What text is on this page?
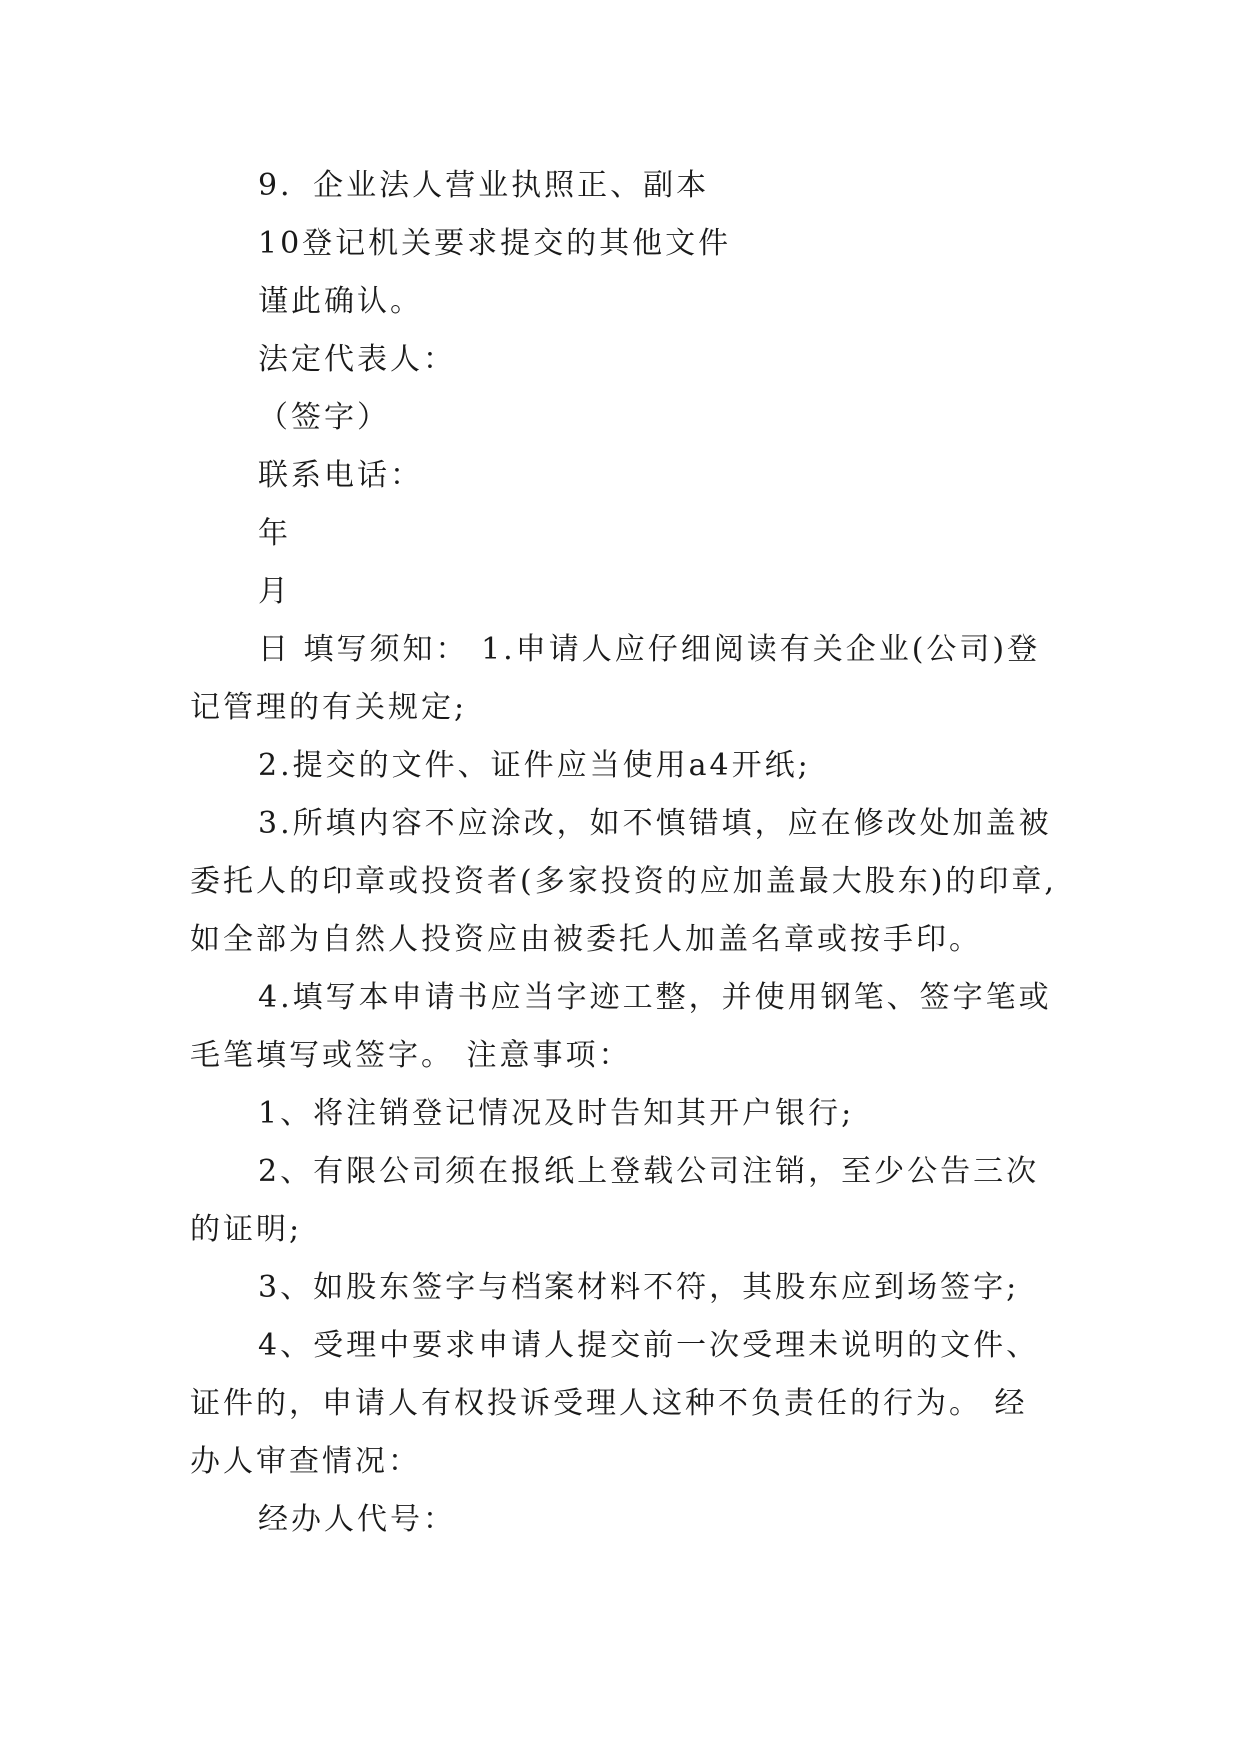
9．企业法人营业执照正、副本
10登记机关要求提交的其他文件
谨此确认。
法定代表人：
（签字）
联系电话：
年
月
日 填写须知： 1.申请人应仔细阅读有关企业(公司)登
记管理的有关规定;
2.提交的文件、证件应当使用a4开纸;
3.所填内容不应涂改，如不慎错填，应在修改处加盖被
委托人的印章或投资者(多家投资的应加盖最大股东)的印章,
如全部为自然人投资应由被委托人加盖名章或按手印。
4.填写本申请书应当字迹工整，并使用钢笔、签字笔或
毛笔填写或签字。 注意事项：
1、将注销登记情况及时告知其开户银行;
2、有限公司须在报纸上登载公司注销，至少公告三次
的证明;
3、如股东签字与档案材料不符，其股东应到场签字;
4、受理中要求申请人提交前一次受理未说明的文件、
证件的，申请人有权投诉受理人这种不负责任的行为。 经
办人审查情况：
经办人代号：
